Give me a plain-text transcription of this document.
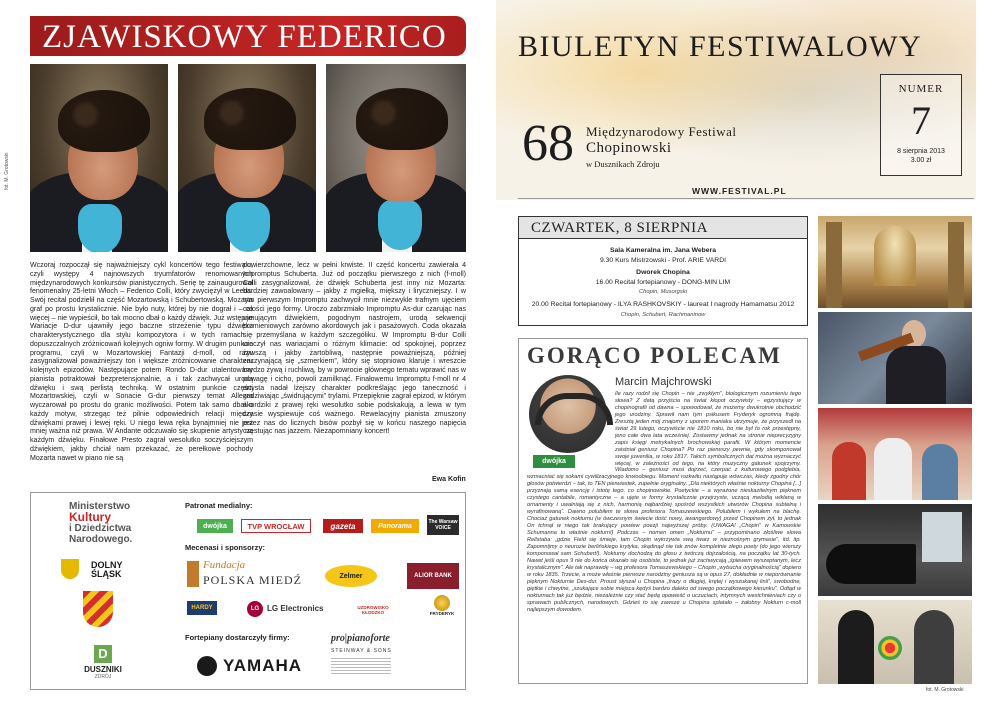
ZJAWISKOWY FEDERICO
fot. M. Grotowski
Wczoraj rozpoczął się najważniejszy cykl koncertów tego festiwalu, czyli występy 4 najnowszych tryumfatorów renomowanych międzynarodowych konkursów pianistycznych. Serię tę zainaugurował fenomenalny 25-letni Włoch – Federico Colli, który zwyciężył w Leeds. Swój recital podzielił na część Mozartowską i Schubertowską. Mozarta graf po prostu krystalicznie. Nie było nuty, której by nie dograł i – co więcej – nie wypieścił, bo tak mocno dbał o każdy dźwięk. Już wstępne Wariacje D-dur ujawniły jego baczne strzeżenie typu dźwięku charakterystycznego dla stylu kompozytora i w tych ramach - dopuszczalnych zróżnicowań kolejnych ogniw formy. W drugim punkcie programu, czyli w Mozartowskiej Fantazji d-moll, od razu zasygnalizował poważniejszy ton i większe zróżnicowanie charakteru kolejnych epizodów. Następujące potem Rondo D-dur utalentowany pianista potraktował bezpretensjonalnie, a i tak zachwycał urodą dźwięku i swą perlistą techniką. W ostatnim punkcie części Mozartowskiej, czyli w Sonacie G-dur pierwszy temat Allegra wyczarował po prostu do granic możliwości. Potem tak samo dbał o każdy motyw, strzegąc też pilnie odpowiednich relacji między dźwiękami prawej i lewej ręki. U niego lewa ręka bynajmniej nie jest mniej ważna niż prawa. W Andante odczuwało się skupienie artysty na każdym dźwięku. Finałowe Presto zagrał wesolutko soczyściejszym dźwiękiem, jakby chciał nam przekazać, że perełkowe pochody Mozarta nawet w piano nie są
powierzchowne, lecz w pełni krwiste. II część koncertu zawierała 4 Impromptus Schuberta. Już od początku pierwszego z nich (f-moll) Colli zasygnalizował, że dźwięk Schuberta jest inny niż Mozarta: bardziej zawoalowany – jakby z mgiełką, miększy i liryczniejszy. I w tym pierwszym Impromptu zachwycił mnie niezwykle trafnym ujęciem całości jego formy. Uroczo zabrzmiało Impromptu As-dur czarując nas ujmującym dźwiękiem, pogodnym nastrojem, urodą sekwencji brzmieniowych zarówno akordowych jak i pasażowych. Coda okazała się przemyślana w każdym szczególiku. W Impromptu B-dur Colli uraczył nas wariacjami o różnym klimacie: od spokojnej, poprzez żywszą i jakby żartobliwą, następnie poważniejszą, później zaczynającą się „szmerkiem”, który się stopniowo klaruje i wreszcie bardzo żywą i ruchliwą, by w powrocie głównego tematu wprawić nas w powagę i cicho, powoli zamilknąć. Finałowemu Impromptu f-moll nr 4 artysta nadał lżejszy charakter podkreślając jego taneczność i zadziwiając „świdrującymi” trylami. Przepięknie zagrał epizod, w którym akordziki z prawej ręki wesolutko sobie podskakują, a lewa w tym czasie wyspiewuje coś ważnego. Rewelacyjny pianista zmuszony przez nas do licznych bisów pozbył się w końcu naszego napięcia częstując nas jazzem. Niezapomniany koncert!
Ewa Kofin
Ministerstwo
Kultury
i Dziedzictwa
Narodowego.
DOLNY ŚLĄSK
D
DUSZNIKI
ZDRÓJ
Patronat medialny:
dwójka	TVP WROCŁAW	gazeta	Panorama
The Warsaw VOICE
Mecenasi i sponsorzy:
Fundacja
POLSKA MIEDŹ	Zelmer	ALIOR BANK
HARDY	LG LG Electronics	UZDROWISKO KŁODZKO	FRYDERYK
Fortepiany dostarczyły firmy:
YAMAHA
pro|pianoforte
STEINWAY & SONS
BIULETYN FESTIWALOWY
NUMER
7
8 sierpnia 2013
3.00 zł
68 Międzynarodowy Festiwal
Chopinowski
w Dusznikach Zdroju
WWW.FESTIVAL.PL
CZWARTEK, 8 SIERPNIA
Sala Kameralna im. Jana Webera
9.30 Kurs Mistrzowski - Prof. ARIE VARDI
Dworek Chopina
16.00 Recital fortepianowy - DONG-MIN LIM
Chopin, Musorgski
20.00 Recital fortepianowy - ILYA RASHKOVSKIY - laureat I nagrody Hamamatsu 2012
Chopin, Schubert, Rachmaninow
GORĄCO POLECAM
Marcin Majchrowski
Ile razy rodził się Chopin – nie „zwykłym”, biologicznym rozumieniu tego słowa? Z datą przyjścia na świat kłopot oczywisty – egzystujący w chopinografii od dawna – spowodował, że możemy dwukrotnie obchodzić jego urodziny. Sprawił nam tym psikusem Fryderyk ogromną frajdę. Zresztą jeden mój znajomy z uporem maniaka utrzymuje, że przyszedł na świat 29 lutego, oczywiście nie 1810 roku, bo nie był to rok przestępny, jeno całe dwa lata wcześniej. Zostawmy jednak na stronie nieprecyzyjny zapis księgi metrykalnych brochowskiej parafii. W którym momencie zaistniał geniusz Chopina? Po raz pierwszy pewnie, gdy skomponował swoje juwenilia, w roku 1817. Takich symbolicznych dat można wyznaczyć więcej, w zależności od tego, na który muzyczny gatunek spojrzymy. Wiadomo – geniusz musi dojrzeć, czerpać z kulturowego podglebia, wzmacniać się sokami cywilizacyjnego krwioobiegu. Moment rozkwitu nastąpuje wówczas, kiedy zgodny chór głosów potwierdzi – tak, to TEN pierwiastek, zupełnie oryginalny. „Dla niektórych właśnie nokturny Chopina [...] przyznają samą esencję i istotę tego, co chopinowskie. Poetyckie – a wyrażone nieskazitelnym pięknem czystego cantabile, romantyczne – a ujęte w formy krystalicznie przejrzyste, uczącą melodią wiklaną w ornamenty i uwalniają się z nich, harmonią najbardziej spośród wszystkich utworów Chopina subtelną i wyrafinowaną”. Dawno polubiłem te słowa profesora Tomaszewskiego. Polubiłem i wykułem na blachę. Chociaż gatunek nokturnu (w ówczesnym świecie dość nowy, awangardowy) przed Chopinem żył, to jednak On tchnął w niego tak brakujący powiew poezji najwyższej próby. (UWAGA! „Chopin” w Kamowskie Schumanna to właśnie nokturn!) Podczas – nomen omen „Nokturnu” – przypominano złośliwe słowa Rellstaba: „gdzie Field się śmieje, tam Chopin wykrzywia swą twarz w nieznośnym grymasie”, itd. itp. Zapomnijmy o neurozie berlińskiego krytyka, skądinąd nie tak znów kompletnie złego poety (do jego wierszy komponował sam Schubert!). Nokturny dochodzą do głosu z twórczą dojrzałością, na początku lat 30-tych. Nawet jeśli opus 9 nie do końca okazało się osobiste, to jednak już zachwycają „śpiewem wyszeptanym, lecz krystalicznym”. Ale tak naprawdę – wg profesora Tomaszewskiego – Chopin „wybucha oryginalnością” dopiero w roku 1835. Trzecie, a może właśnie pierwsze narodziny geniusza są w opus 27, dokładnie w nieporównanie pięknym Nokturnie Des-dur. Proust słyszał u Chopina „frazy o długiej, krętej i wyszukanej linii”, swobodne, giętkie i chwytne, „szukające sobie miejsca kędyś bardzo daleko od swego początkowego kierunku”. Odtąd w nokturnach tak już będzie, niezależnie czy stać będą opowieść o uczuciach, intymnych westchnieniach czy o sprawach publicznych, narodowych. Gdzieś to się zawsze u Chopina splatało – żałobny Nokturn c-moll najlepszym dowodem.
dwójka
fot. M. Grotowski
